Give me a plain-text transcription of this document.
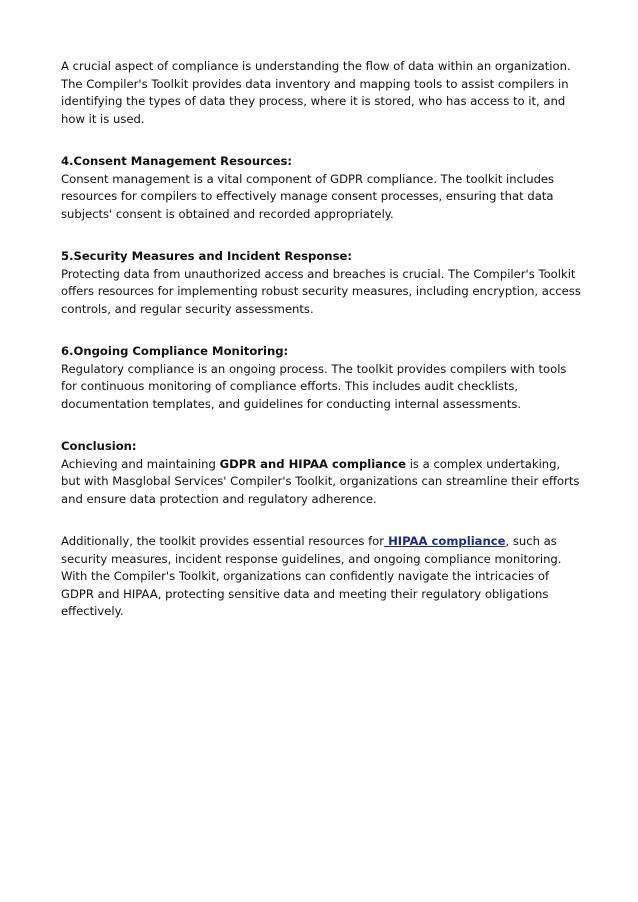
A crucial aspect of compliance is understanding the flow of data within an organization. The Compiler's Toolkit provides data inventory and mapping tools to assist compilers in identifying the types of data they process, where it is stored, who has access to it, and how it is used.

4.Consent Management Resources:

Consent management is a vital component of GDPR compliance. The toolkit includes resources for compilers to effectively manage consent processes, ensuring that data subjects' consent is obtained and recorded appropriately.

5.Security Measures and Incident Response:

Protecting data from unauthorized access and breaches is crucial. The Compiler's Toolkit offers resources for implementing robust security measures, including encryption, access controls, and regular security assessments.

6.Ongoing Compliance Monitoring:

Regulatory compliance is an ongoing process. The toolkit provides compilers with tools for continuous monitoring of compliance efforts. This includes audit checklists, documentation templates, and guidelines for conducting internal assessments.

Conclusion:

Achieving and maintaining GDPR and HIPAA compliance is a complex undertaking, but with Masglobal Services' Compiler's Toolkit, organizations can streamline their efforts and ensure data protection and regulatory adherence.

Additionally, the toolkit provides essential resources for HIPAA compliance, such as security measures, incident response guidelines, and ongoing compliance monitoring. With the Compiler's Toolkit, organizations can confidently navigate the intricacies of GDPR and HIPAA, protecting sensitive data and meeting their regulatory obligations effectively.
